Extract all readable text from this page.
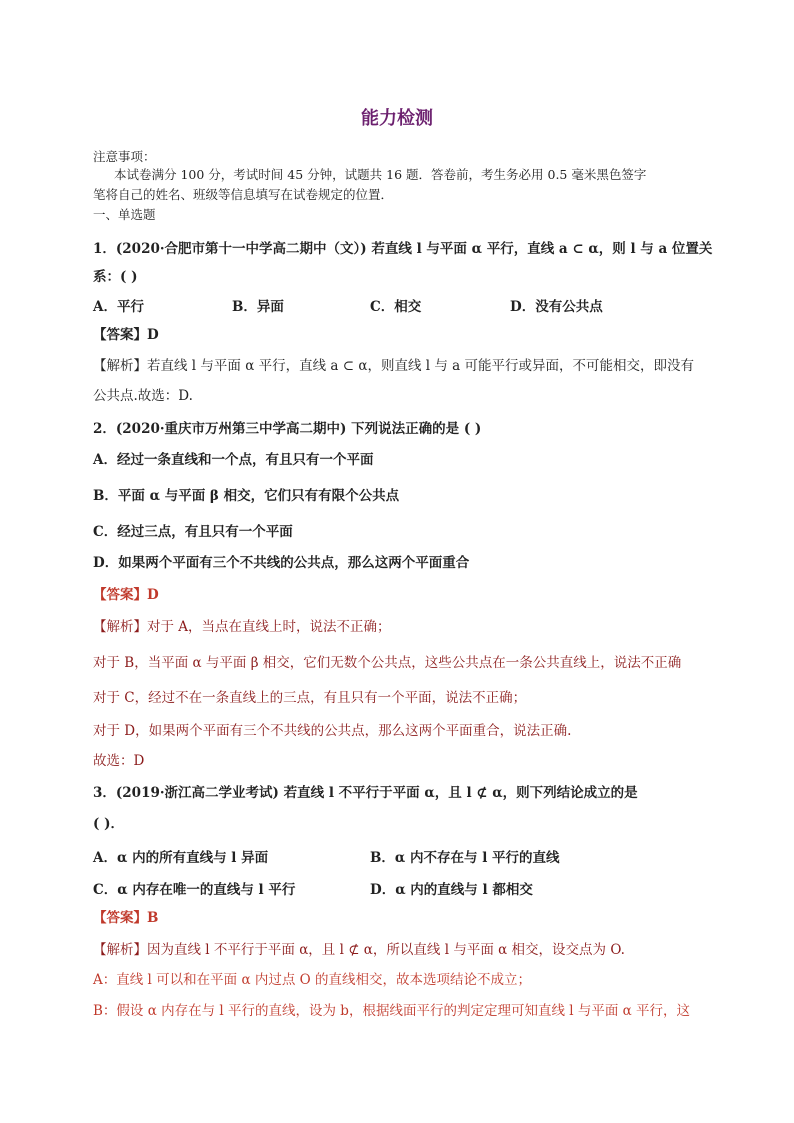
能力检测
注意事项：
本试卷满分 100 分，考试时间 45 分钟，试题共 16 题．答卷前，考生务必用 0.5 毫米黑色签字
笔将自己的姓名、班级等信息填写在试卷规定的位置．
一、单选题
1．(2020·合肥市第十一中学高二期中（文）) 若直线 l 与平面 α 平行，直线 a ⊂ α，则 l 与 a 位置关
系：( )
A．平行	B．异面	C．相交	D．没有公共点
【答案】D
【解析】若直线 l 与平面 α 平行，直线 a ⊂ α，则直线 l 与 a 可能平行或异面，不可能相交，即没有
公共点.故选：D.
2．(2020·重庆市万州第三中学高二期中) 下列说法正确的是 ( )
A．经过一条直线和一个点，有且只有一个平面
B．平面 α 与平面 β 相交，它们只有有限个公共点
C．经过三点，有且只有一个平面
D．如果两个平面有三个不共线的公共点，那么这两个平面重合
【答案】D
【解析】对于 A，当点在直线上时，说法不正确；
对于 B，当平面 α 与平面 β 相交，它们无数个公共点，这些公共点在一条公共直线上，说法不正确
对于 C，经过不在一条直线上的三点，有且只有一个平面，说法不正确；
对于 D，如果两个平面有三个不共线的公共点，那么这两个平面重合，说法正确.
故选：D
3．(2019·浙江高二学业考试) 若直线 l 不平行于平面 α，且 l ⊄ α，则下列结论成立的是
( )．
A．α 内的所有直线与 l 异面	B．α 内不存在与 l 平行的直线
C．α 内存在唯一的直线与 l 平行	D．α 内的直线与 l 都相交
【答案】B
【解析】因为直线 l 不平行于平面 α，且 l ⊄ α，所以直线 l 与平面 α 相交，设交点为 O.
A：直线 l 可以和在平面 α 内过点 O 的直线相交，故本选项结论不成立；
B：假设 α 内存在与 l 平行的直线，设为 b，根据线面平行的判定定理可知直线 l 与平面 α 平行，这
